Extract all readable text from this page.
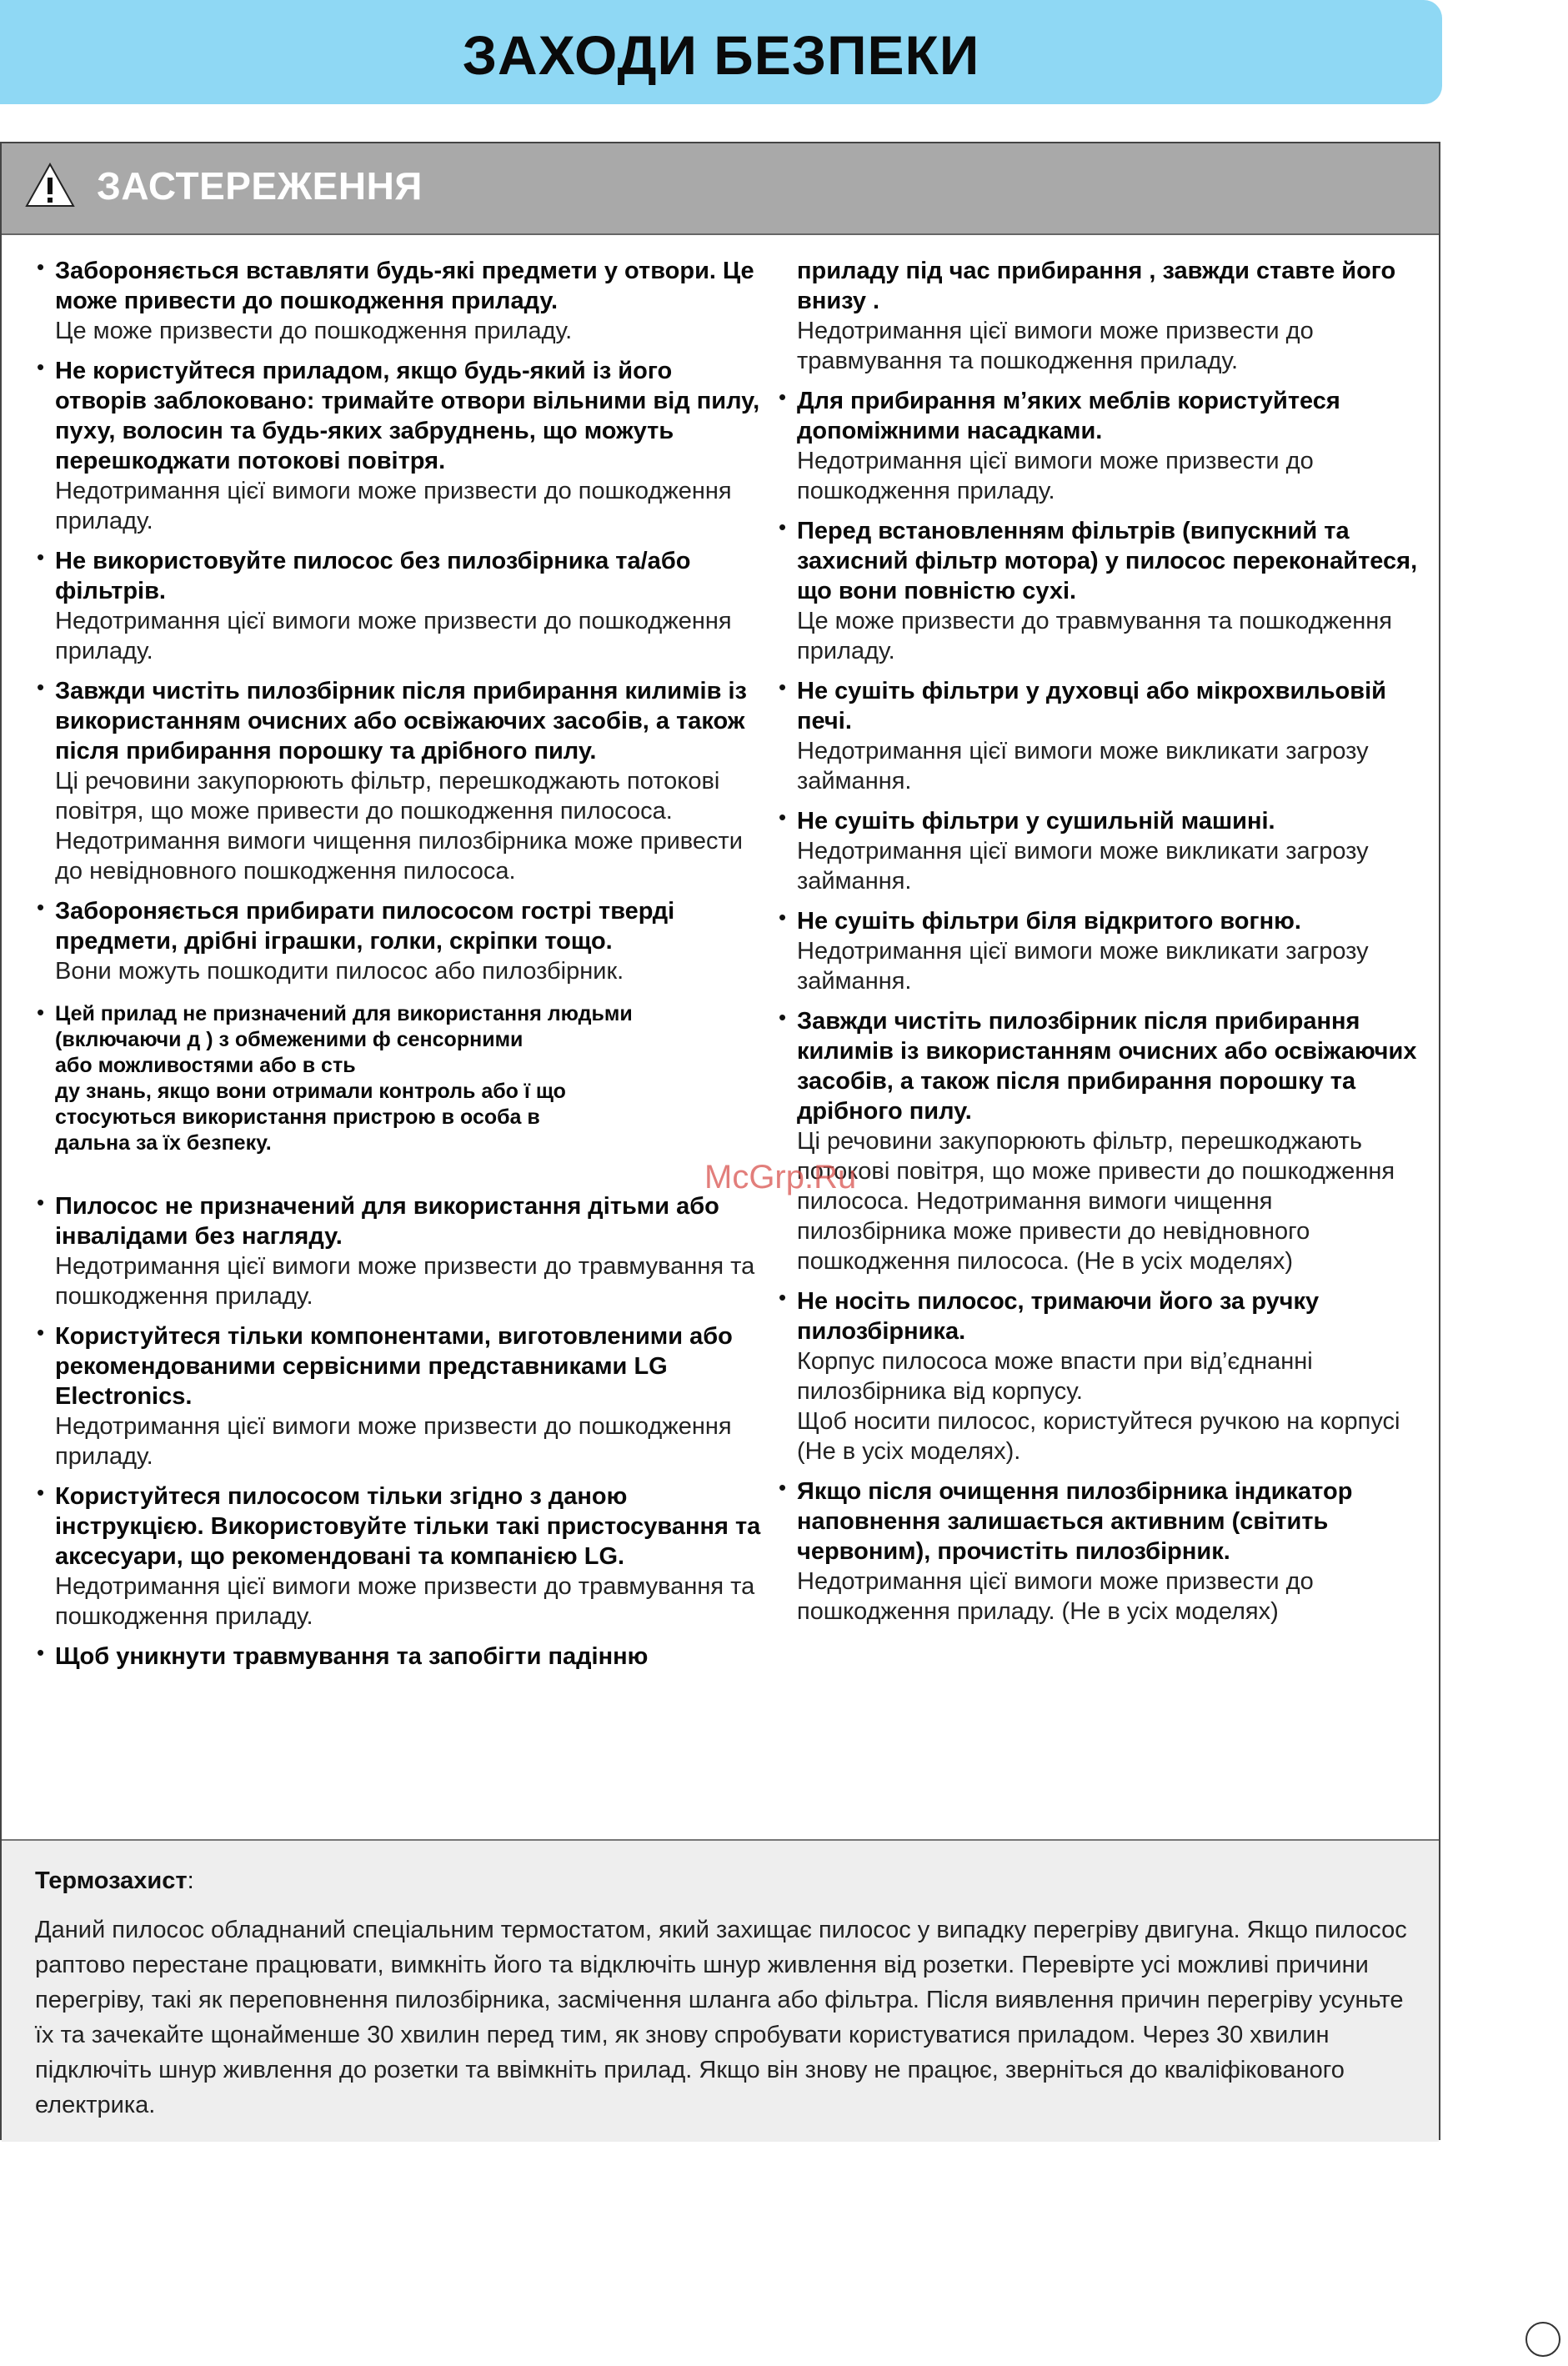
ЗАХОДИ БЕЗПЕКИ
ЗАСТЕРЕЖЕННЯ
• Забороняється вставляти будь-які предмети у отвори. Це може привести до пошкодження приладу.
Це може призвести до пошкодження приладу.
• Не користуйтеся приладом, якщо будь-який із його отворів заблоковано: тримайте отвори вільними від пилу, пуху, волосин та будь-яких забруднень, що можуть перешкоджати потокові повітря.
Недотримання цієї вимоги може призвести до пошкодження приладу.
• Не використовуйте пилосос без пилозбірника та/або фільтрів.
Недотримання цієї вимоги може призвести до пошкодження приладу.
• Завжди чистіть пилозбірник після прибирання килимів із використанням очисних або освіжаючих засобів, а також після прибирання порошку та дрібного пилу.
Ці речовини закупорюють фільтр, перешкоджають потокові повітря, що може привести до пошкодження пилососа. Недотримання вимоги чищення пилозбірника може привести до невідновного пошкодження пилососа.
• Забороняється прибирати пилососом гострі тверді предмети, дрібні іграшки, голки, скріпки тощо.
Вони можуть пошкодити пилосос або пилозбірник.
• Цей прилад не призначений для використання людьми
(включаючи д ) з обмеженими ф сенсорними
або можливостями або в сть
ду знань, якщо вони отримали контроль або ї що
стосуються використання пристрою в особа в
дальна за їх безпеку.
• Пилосос не призначений для використання дітьми або інвалідами без нагляду.
Недотримання цієї вимоги може призвести до травмування та пошкодження приладу.
• Користуйтеся тільки компонентами, виготовленими або рекомендованими сервісними представниками LG Electronics.
Недотримання цієї вимоги може призвести до пошкодження приладу.
• Користуйтеся пилососом тільки згідно з даною інструкцією. Використовуйте тільки такі пристосування та аксесуари, що рекомендовані та компанією LG.
Недотримання цієї вимоги може призвести до травмування та пошкодження приладу.
• Щоб уникнути травмування та запобігти падінню
приладу під час прибирання , завжди ставте його внизу .
Недотримання цієї вимоги може призвести до травмування та пошкодження приладу.
• Для прибирання м’яких меблів користуйтеся допоміжними насадками.
Недотримання цієї вимоги може призвести до пошкодження приладу.
• Перед встановленням фільтрів (випускний та захисний фільтр мотора) у пилосос переконайтеся, що вони повністю сухі.
Це може призвести до травмування та пошкодження приладу.
• Не сушіть фільтри у духовці або мікрохвильовій печі.
Недотримання цієї вимоги може викликати загрозу займання.
• Не сушіть фільтри у сушильній машині.
Недотримання цієї вимоги може викликати загрозу займання.
• Не сушіть фільтри біля відкритого вогню.
Недотримання цієї вимоги може викликати загрозу займання.
• Завжди чистіть пилозбірник після прибирання килимів із використанням очисних або освіжаючих засобів, а також після прибирання порошку та дрібного пилу.
Ці речовини закупорюють фільтр, перешкоджають потокові повітря, що може привести до пошкодження пилососа. Недотримання вимоги чищення пилозбірника може привести до невідновного пошкодження пилососа. (Не в усіх моделях)
• Не носіть пилосос, тримаючи його за ручку пилозбірника.
Корпус пилососа може впасти при від’єднанні пилозбірника від корпусу.
Щоб носити пилосос, користуйтеся ручкою на корпусі (Не в усіх моделях).
• Якщо після очищення пилозбірника індикатор наповнення залишається активним (світить червоним), прочистіть пилозбірник.
Недотримання цієї вимоги може призвести до пошкодження приладу. (Не в усіх моделях)
Термозахист:
Даний пилосос обладнаний спеціальним термостатом, який захищає пилосос у випадку перегріву двигуна. Якщо пилосос раптово перестане працювати, вимкніть його та відключіть шнур живлення від розетки. Перевірте усі можливі причини перегріву, такі як переповнення пилозбірника, засмічення шланга або фільтра. Після виявлення причин перегріву усуньте їх та зачекайте щонайменше 30 хвилин перед тим, як знову спробувати користуватися приладом. Через 30 хвилин підключіть шнур живлення до розетки та ввімкніть прилад. Якщо він знову не працює, зверніться до кваліфікованого електрика.
McGrp.Ru
